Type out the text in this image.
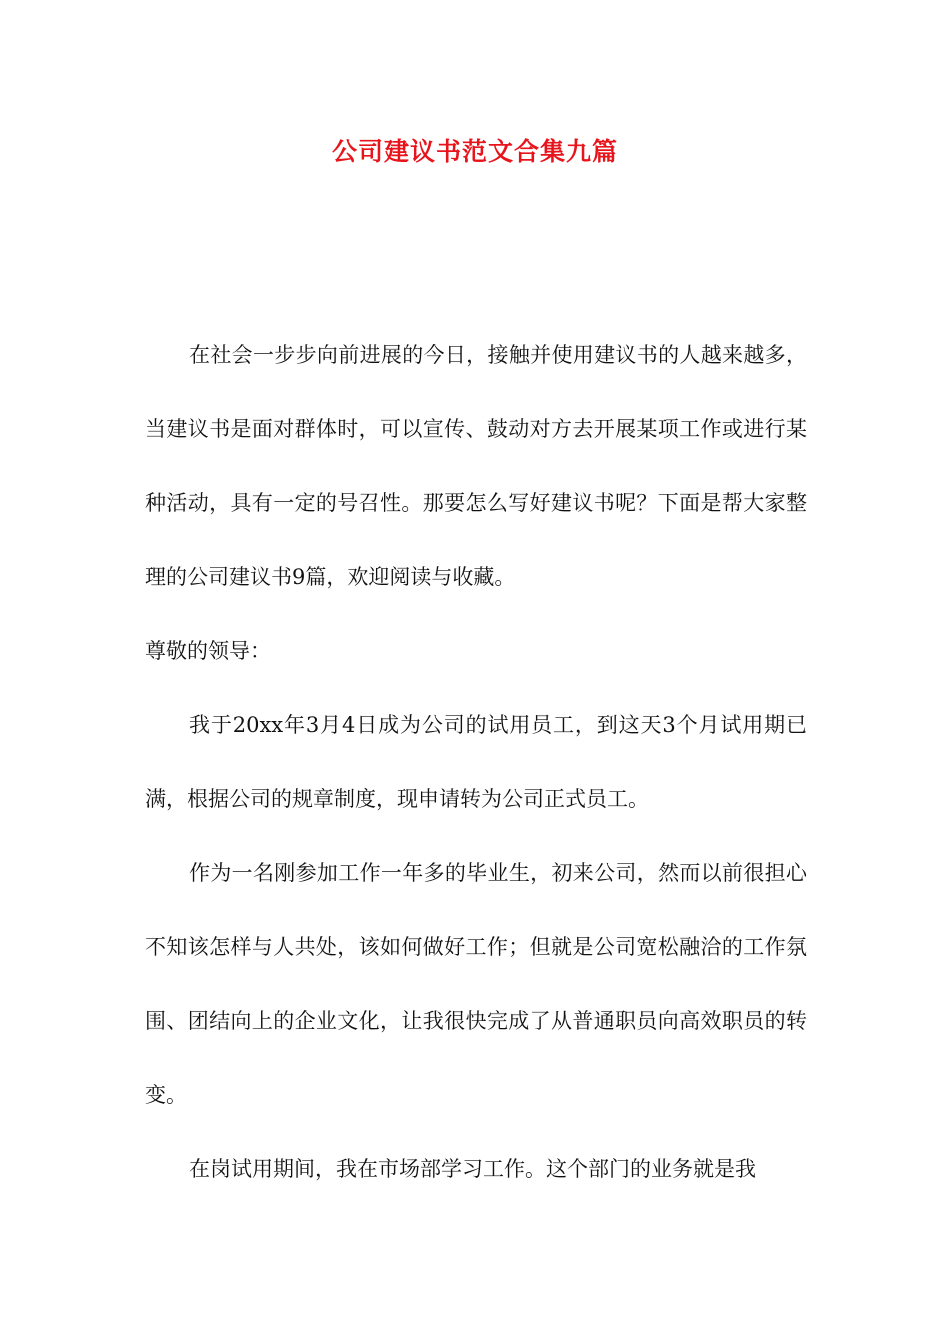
公司建议书范文合集九篇

在社会一步步向前进展的今日，接触并使用建议书的人越来越多，当建议书是面对群体时，可以宣传、鼓动对方去开展某项工作或进行某种活动，具有一定的号召性。那要怎么写好建议书呢？下面是帮大家整理的公司建议书9篇，欢迎阅读与收藏。

尊敬的领导：

我于20xx年3月4日成为公司的试用员工，到这天3个月试用期已满，根据公司的规章制度，现申请转为公司正式员工。

作为一名刚参加工作一年多的毕业生，初来公司，然而以前很担心不知该怎样与人共处，该如何做好工作；但就是公司宽松融洽的工作氛围、团结向上的企业文化，让我很快完成了从普通职员向高效职员的转变。

在岗试用期间，我在市场部学习工作。这个部门的业务就是我
